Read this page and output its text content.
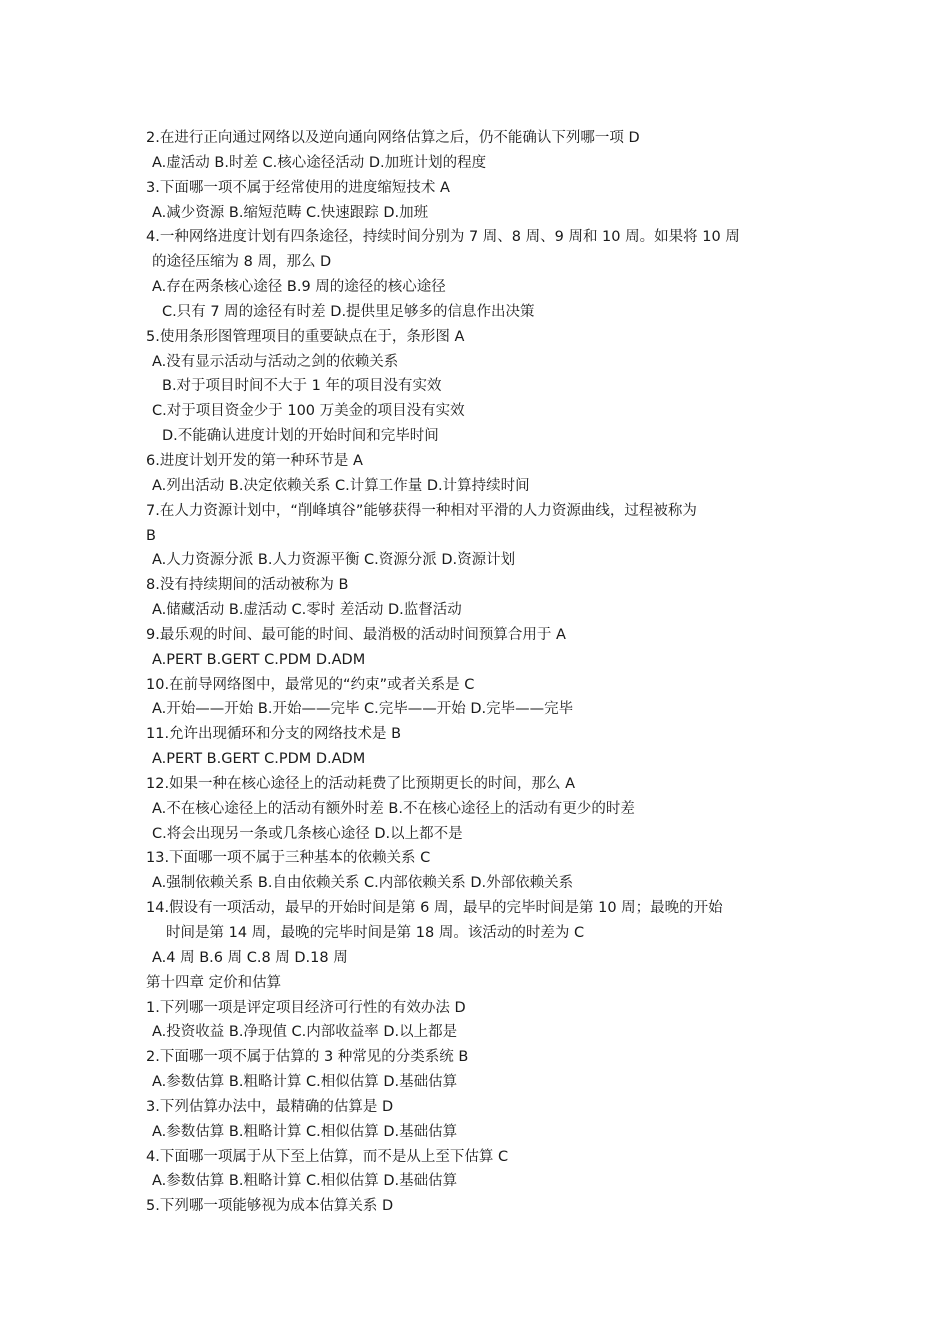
2.在进行正向通过网络以及逆向通向网络估算之后，仍不能确认下列哪一项 D
A.虚活动 B.时差 C.核心途径活动 D.加班计划的程度
3.下面哪一项不属于经常使用的进度缩短技术 A
A.减少资源 B.缩短范畴 C.快速跟踪 D.加班
4.一种网络进度计划有四条途径，持续时间分别为 7 周、8 周、9 周和 10 周。如果将 10 周
的途径压缩为 8 周，那么 D
A.存在两条核心途径 B.9 周的途径的核心途径
C.只有 7 周的途径有时差 D.提供里足够多的信息作出决策
5.使用条形图管理项目的重要缺点在于，条形图 A
A.没有显示活动与活动之剑的依赖关系
B.对于项目时间不大于 1 年的项目没有实效
C.对于项目资金少于 100 万美金的项目没有实效
D.不能确认进度计划的开始时间和完毕时间
6.进度计划开发的第一种环节是 A
A.列出活动 B.决定依赖关系 C.计算工作量 D.计算持续时间
7.在人力资源计划中，“削峰填谷”能够获得一种相对平滑的人力资源曲线，过程被称为
B
A.人力资源分派 B.人力资源平衡 C.资源分派 D.资源计划
8.没有持续期间的活动被称为 B
A.储藏活动 B.虚活动 C.零时 差活动 D.监督活动
9.最乐观的时间、最可能的时间、最消极的活动时间预算合用于 A
A.PERT B.GERT C.PDM D.ADM
10.在前导网络图中，最常见的“约束”或者关系是 C
A.开始——开始 B.开始——完毕 C.完毕——开始 D.完毕——完毕
11.允许出现循环和分支的网络技术是 B
A.PERT B.GERT C.PDM D.ADM
12.如果一种在核心途径上的活动耗费了比预期更长的时间，那么 A
A.不在核心途径上的活动有额外时差 B.不在核心途径上的活动有更少的时差
C.将会出现另一条或几条核心途径 D.以上都不是
13.下面哪一项不属于三种基本的依赖关系 C
A.强制依赖关系 B.自由依赖关系 C.内部依赖关系 D.外部依赖关系
14.假设有一项活动，最早的开始时间是第 6 周，最早的完毕时间是第 10 周；最晚的开始
时间是第 14 周，最晚的完毕时间是第 18 周。该活动的时差为 C
A.4 周 B.6 周 C.8 周 D.18 周
第十四章 定价和估算
1.下列哪一项是评定项目经济可行性的有效办法 D
A.投资收益 B.净现值 C.内部收益率 D.以上都是
2.下面哪一项不属于估算的 3 种常见的分类系统 B
A.参数估算 B.粗略计算 C.相似估算 D.基础估算
3.下列估算办法中，最精确的估算是 D
A.参数估算 B.粗略计算 C.相似估算 D.基础估算
4.下面哪一项属于从下至上估算，而不是从上至下估算 C
A.参数估算 B.粗略计算 C.相似估算 D.基础估算
5.下列哪一项能够视为成本估算关系 D
